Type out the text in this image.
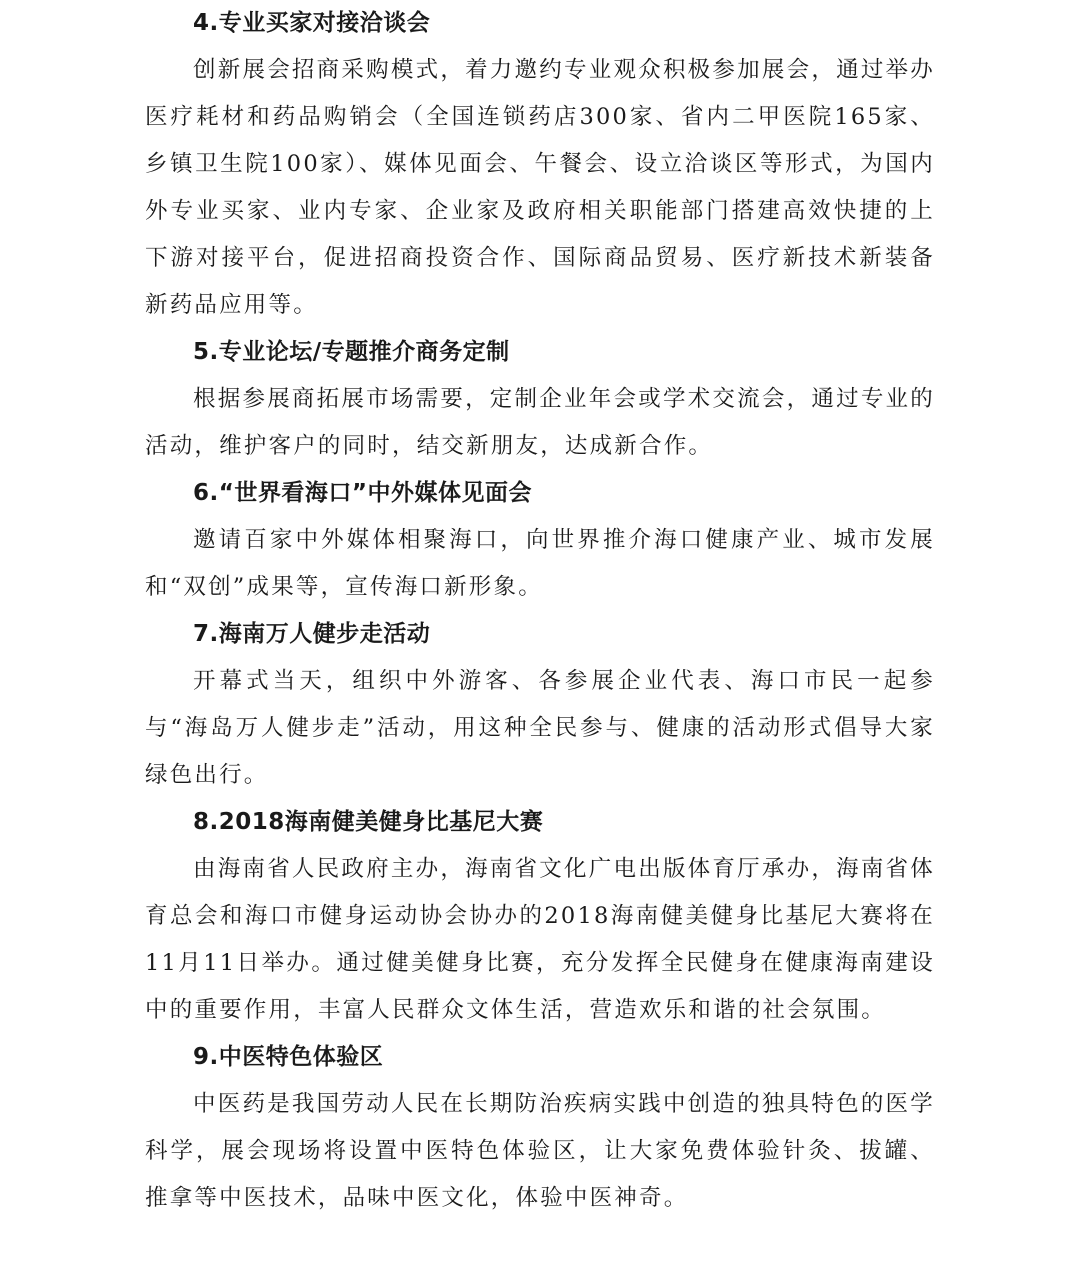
4.专业买家对接洽谈会

创新展会招商采购模式，着力邀约专业观众积极参加展会，通过举办医疗耗材和药品购销会（全国连锁药店300家、省内二甲医院165家、乡镇卫生院100家）、媒体见面会、午餐会、设立洽谈区等形式，为国内外专业买家、业内专家、企业家及政府相关职能部门搭建高效快捷的上下游对接平台，促进招商投资合作、国际商品贸易、医疗新技术新装备新药品应用等。

5.专业论坛/专题推介商务定制

根据参展商拓展市场需要，定制企业年会或学术交流会，通过专业的活动，维护客户的同时，结交新朋友，达成新合作。

6.“世界看海口”中外媒体见面会

邀请百家中外媒体相聚海口，向世界推介海口健康产业、城市发展和“双创”成果等，宣传海口新形象。

7.海南万人健步走活动

开幕式当天，组织中外游客、各参展企业代表、海口市民一起参与“海岛万人健步走”活动，用这种全民参与、健康的活动形式倡导大家绿色出行。

8.2018海南健美健身比基尼大赛

由海南省人民政府主办，海南省文化广电出版体育厅承办，海南省体育总会和海口市健身运动协会协办的2018海南健美健身比基尼大赛将在11月11日举办。通过健美健身比赛，充分发挥全民健身在健康海南建设中的重要作用，丰富人民群众文体生活，营造欢乐和谐的社会氛围。

9.中医特色体验区

中医药是我国劳动人民在长期防治疾病实践中创造的独具特色的医学科学，展会现场将设置中医特色体验区，让大家免费体验针灸、拔罐、推拿等中医技术，品味中医文化，体验中医神奇。
